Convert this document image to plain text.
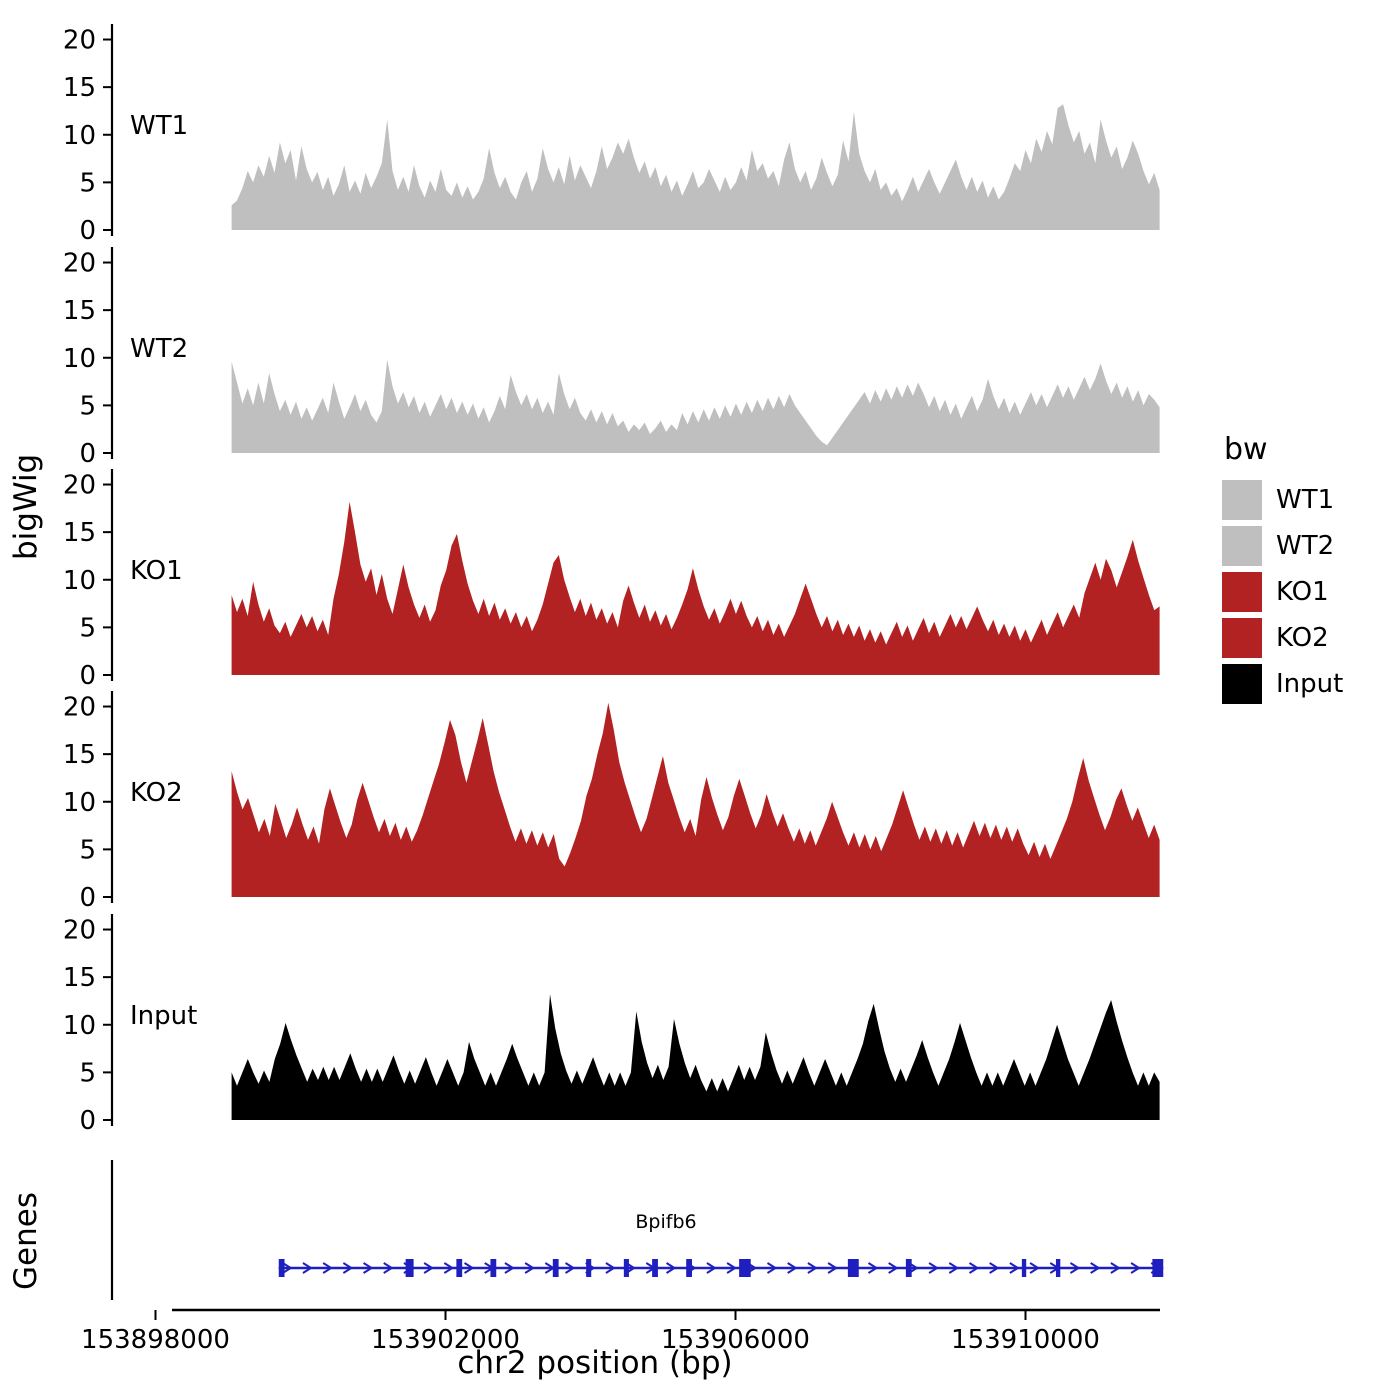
0
5
10
15
20
WT1
0
5
10
15
20
WT2
0
5
10
15
20
KO1
0
5
10
15
20
KO2
0
5
10
15
20
Input
Bpifb6
153898000	153902000	153906000	153910000
bigWig
Genes
chr2 position (bp)
bw
WT1
WT2
KO1
KO2
Input
